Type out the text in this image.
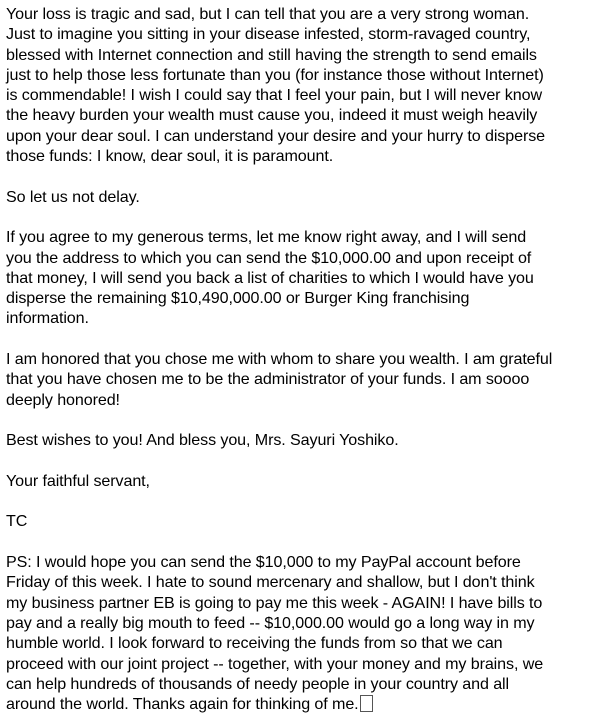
Your loss is tragic and sad, but I can tell that you are a very strong woman.
Just to imagine you sitting in your disease infested, storm-ravaged country,
blessed with Internet connection and still having the strength to send emails
just to help those less fortunate than you (for instance those without Internet)
is commendable! I wish I could say that I feel your pain, but I will never know
the heavy burden your wealth must cause you, indeed it must weigh heavily
upon your dear soul. I can understand your desire and your hurry to disperse
those funds: I know, dear soul, it is paramount.
So let us not delay.
If you agree to my generous terms, let me know right away, and I will send
you the address to which you can send the $10,000.00 and upon receipt of
that money, I will send you back a list of charities to which I would have you
disperse the remaining $10,490,000.00 or Burger King franchising
information.
I am honored that you chose me with whom to share you wealth. I am grateful
that you have chosen me to be the administrator of your funds. I am soooo
deeply honored!
Best wishes to you! And bless you, Mrs. Sayuri Yoshiko.
Your faithful servant,
TC
PS: I would hope you can send the $10,000 to my PayPal account before
Friday of this week. I hate to sound mercenary and shallow, but I don't think
my business partner EB is going to pay me this week - AGAIN! I have bills to
pay and a really big mouth to feed -- $10,000.00 would go a long way in my
humble world. I look forward to receiving the funds from so that we can
proceed with our joint project -- together, with your money and my brains, we
can help hundreds of thousands of needy people in your country and all
around the world. Thanks again for thinking of me.
